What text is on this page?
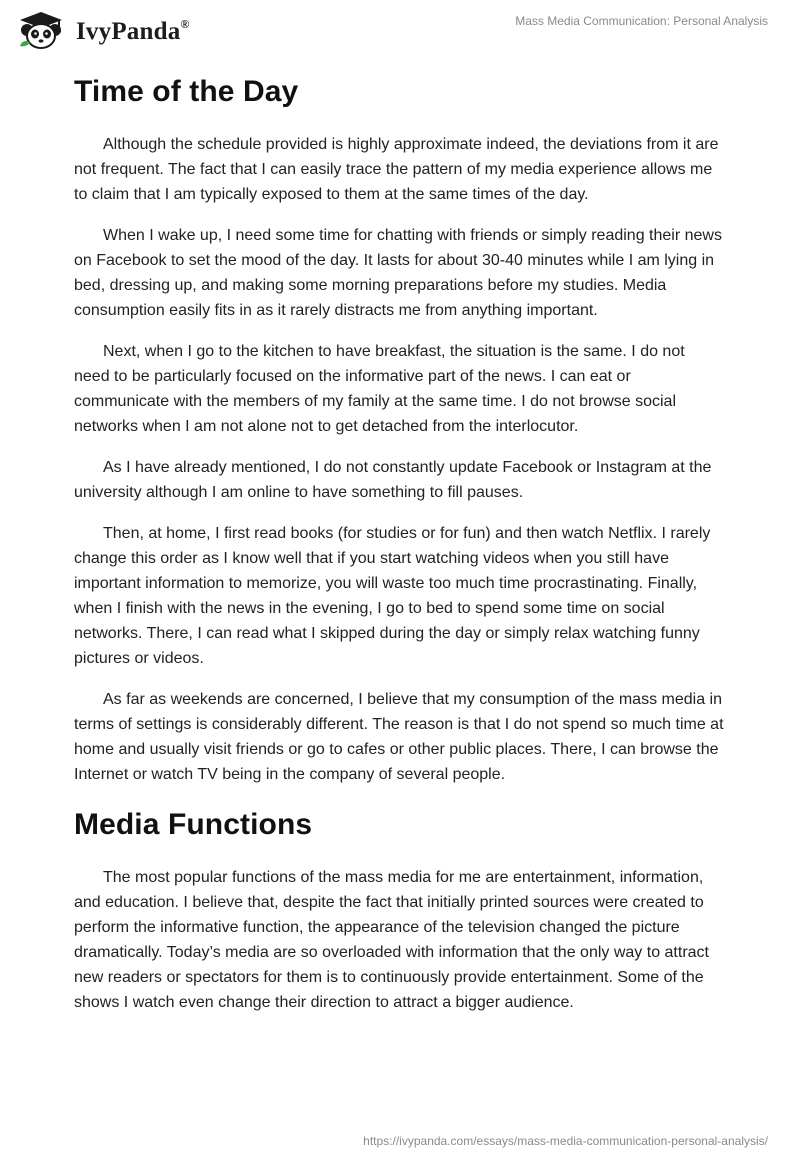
IvyPanda®	Mass Media Communication: Personal Analysis
Time of the Day

Although the schedule provided is highly approximate indeed, the deviations from it are not frequent. The fact that I can easily trace the pattern of my media experience allows me to claim that I am typically exposed to them at the same times of the day.

When I wake up, I need some time for chatting with friends or simply reading their news on Facebook to set the mood of the day. It lasts for about 30-40 minutes while I am lying in bed, dressing up, and making some morning preparations before my studies. Media consumption easily fits in as it rarely distracts me from anything important.

Next, when I go to the kitchen to have breakfast, the situation is the same. I do not need to be particularly focused on the informative part of the news. I can eat or communicate with the members of my family at the same time. I do not browse social networks when I am not alone not to get detached from the interlocutor.

As I have already mentioned, I do not constantly update Facebook or Instagram at the university although I am online to have something to fill pauses.

Then, at home, I first read books (for studies or for fun) and then watch Netflix. I rarely change this order as I know well that if you start watching videos when you still have important information to memorize, you will waste too much time procrastinating. Finally, when I finish with the news in the evening, I go to bed to spend some time on social networks. There, I can read what I skipped during the day or simply relax watching funny pictures or videos.

As far as weekends are concerned, I believe that my consumption of the mass media in terms of settings is considerably different. The reason is that I do not spend so much time at home and usually visit friends or go to cafes or other public places. There, I can browse the Internet or watch TV being in the company of several people.

Media Functions

The most popular functions of the mass media for me are entertainment, information, and education. I believe that, despite the fact that initially printed sources were created to perform the informative function, the appearance of the television changed the picture dramatically. Today’s media are so overloaded with information that the only way to attract new readers or spectators for them is to continuously provide entertainment. Some of the shows I watch even change their direction to attract a bigger audience.

https://ivypanda.com/essays/mass-media-communication-personal-analysis/
